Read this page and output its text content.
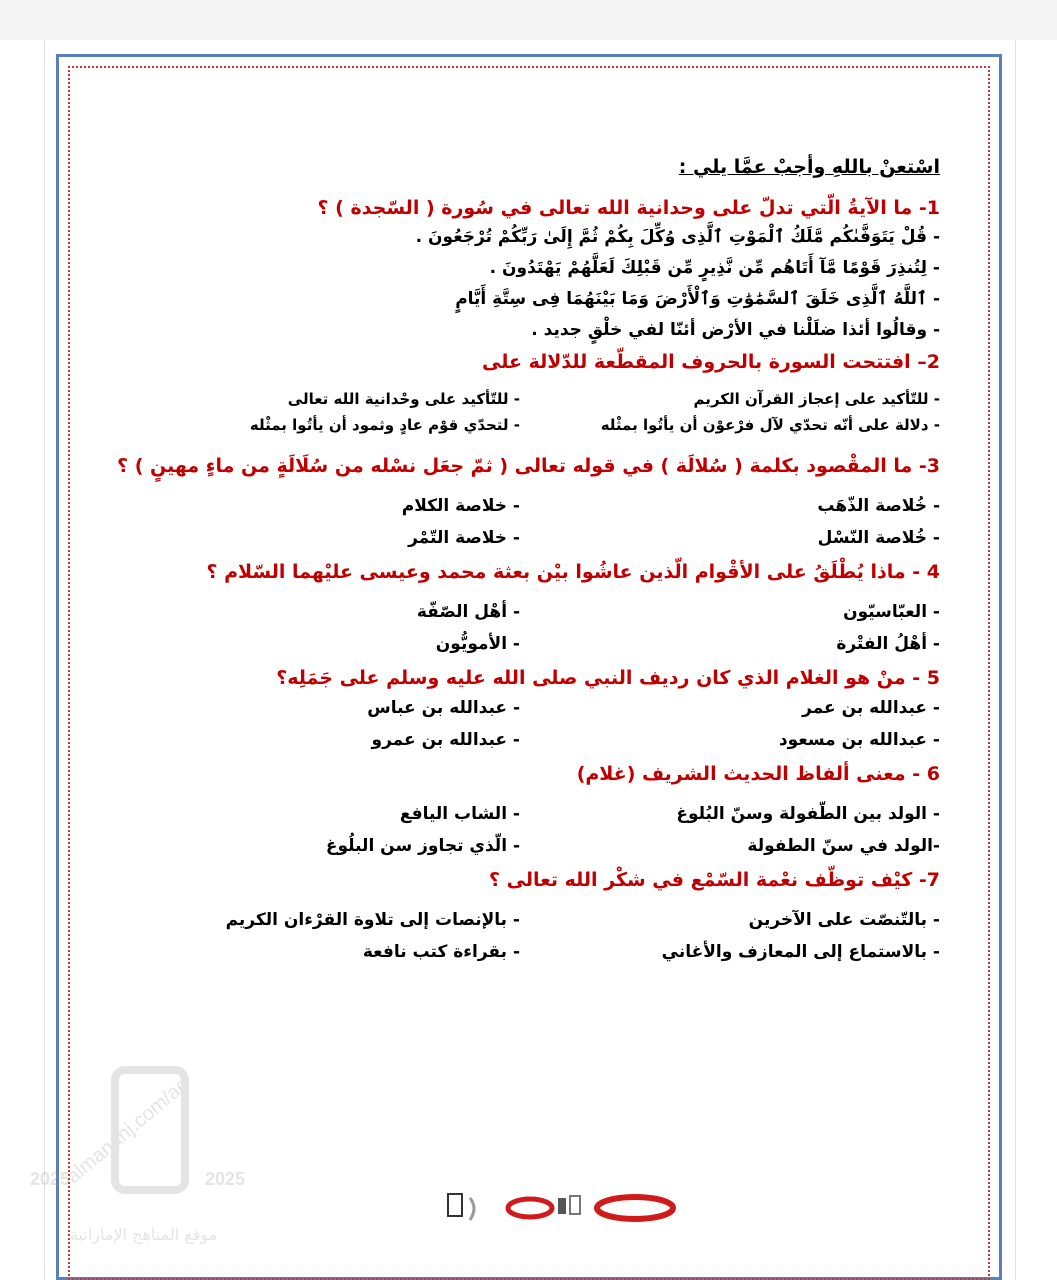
اسْتعنْ باللهِ وأجبْ عمَّا يلي :
1- ما الآيةُ الّتي تدلّ على وحدانية الله تعالى في سُورة ( السّجدة ) ؟
- قُلْ يَتَوَفَّىٰكُم مَّلَكُ ٱلْمَوْتِ ٱلَّذِى وُكِّلَ بِكُمْ ثُمَّ إِلَىٰ رَبِّكُمْ تُرْجَعُونَ .
- لِتُنذِرَ قَوْمًا مَّآ أَتَاهُم مِّن نَّذِيرٍ مِّن قَبْلِكَ لَعَلَّهُمْ يَهْتَدُونَ .
- ٱللَّهُ ٱلَّذِى خَلَقَ ٱلسَّمَٰوَٰتِ وَٱلْأَرْضَ وَمَا بَيْنَهُمَا فِى سِتَّةِ أَيَّامٍ
- وقالُوا أئذا ضلَلْنا في الأرْض أئنّا لفي خلْقٍ جديد .
2– افتتحت السورة بالحروف المقطّعة للدّلالة على
- للتّأكيد على إعجاز القرآن الكريم
- للتّأكيد على وحْدانية الله تعالى
- دلالة على أنّه تحدّي لآل فرْعوْن أن يأتُوا بمثْله
- لتحدّي قوْم عادٍ وثمود أن يأتُوا بمثْله
3- ما المقْصود بكلمة ( سُلالَة ) في قوله تعالى ( ثمّ جعَل نسْله من سُلَالَةٍ من ماءٍ مهينٍ ) ؟
- خُلاصة الذّهَب
- خلاصة الكلام
- خُلاصة النّسْل
- خلاصة التّمْر
4 - ماذا يُطْلَقُ على الأقْوام الّذين عاشُوا بيْن بعثة محمد وعيسى عليْهما السّلام ؟
- العبّاسيّون
- أهْل الصّفّة
- أهْلُ الفتْرة
- الأمويُّون
5 - منْ هو الغلام الذي كان رديف النبي صلى الله عليه وسلم على جَمَلِه؟
- عبدالله بن عمر
- عبدالله بن عباس
- عبدالله بن مسعود
- عبدالله بن عمرو
6 - معنى ألفاظ الحديث الشريف (غلام)
- الولد بين الطّفولة وسنّ البُلوغ
- الشاب اليافع
-الولد في سنّ الطفولة
- الّذي تجاوز سن البلُوغ
7- كيْف توظّف نعْمة السّمْع في شكْر الله تعالى ؟
- بالتّنصّت على الآخرين
- بالإنصات إلى تلاوة القرْءان الكريم
- بالاستماع إلى المعازف والأغاني
- بقراءة كتب نافعة
2025	2025
almanahj.com/ae
موقع المناهج الإماراتية
